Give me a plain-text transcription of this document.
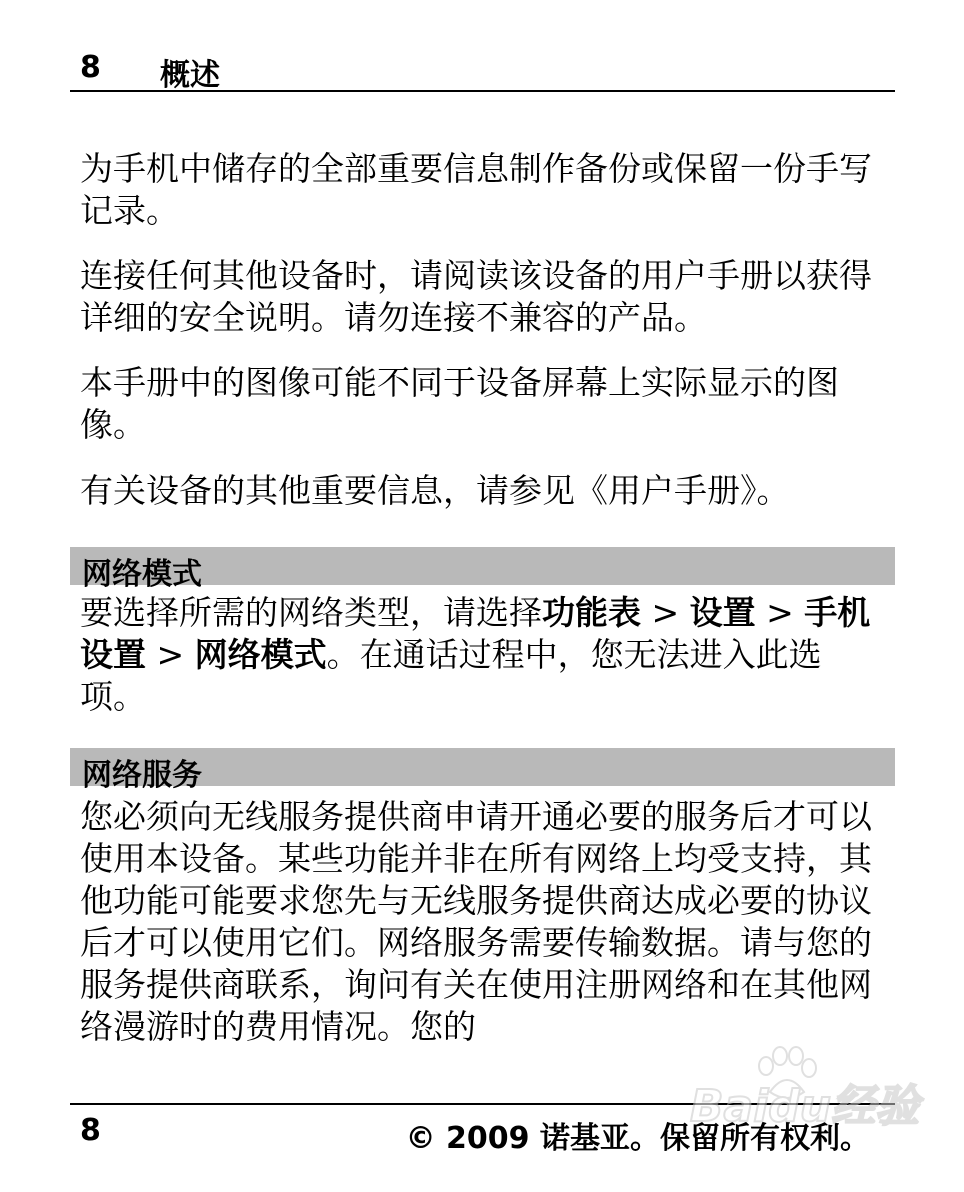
8 概述

为手机中储存的全部重要信息制作备份或保留一份手写记录。

连接任何其他设备时，请阅读该设备的用户手册以获得详细的安全说明。请勿连接不兼容的产品。

本手册中的图像可能不同于设备屏幕上实际显示的图像。

有关设备的其他重要信息，请参见《用户手册》。

网络模式

要选择所需的网络类型，请选择功能表 > 设置 > 手机设置 > 网络模式。在通话过程中，您无法进入此选项。

网络服务

您必须向无线服务提供商申请开通必要的服务后才可以使用本设备。某些功能并非在所有网络上均受支持，其他功能可能要求您先与无线服务提供商达成必要的协议后才可以使用它们。网络服务需要传输数据。请与您的服务提供商联系，询问有关在使用注册网络和在其他网络漫游时的费用情况。您的

8	© 2009 诺基亚。保留所有权利。
Baidu经验
